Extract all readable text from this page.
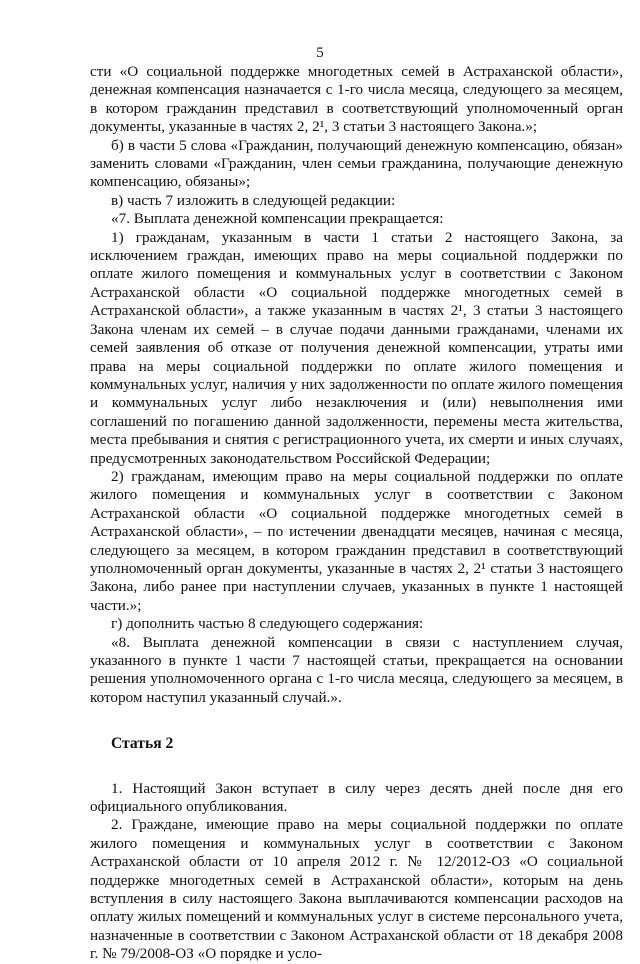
5

сти «О социальной поддержке многодетных семей в Астраханской области», денежная компенсация назначается с 1-го числа месяца, следующего за месяцем, в котором гражданин представил в соответствующий уполномоченный орган документы, указанные в частях 2, 2¹, 3 статьи 3 настоящего Закона.»;

б) в части 5 слова «Гражданин, получающий денежную компенсацию, обязан» заменить словами «Гражданин, член семьи гражданина, получающие денежную компенсацию, обязаны»;

в) часть 7 изложить в следующей редакции:

«7. Выплата денежной компенсации прекращается:

1) гражданам, указанным в части 1 статьи 2 настоящего Закона, за исключением граждан, имеющих право на меры социальной поддержки по оплате жилого помещения и коммунальных услуг в соответствии с Законом Астраханской области «О социальной поддержке многодетных семей в Астраханской области», а также указанным в частях 2¹, 3 статьи 3 настоящего Закона членам их семей – в случае подачи данными гражданами, членами их семей заявления об отказе от получения денежной компенсации, утраты ими права на меры социальной поддержки по оплате жилого помещения и коммунальных услуг, наличия у них задолженности по оплате жилого помещения и коммунальных услуг либо незаключения и (или) невыполнения ими соглашений по погашению данной задолженности, перемены места жительства, места пребывания и снятия с регистрационного учета, их смерти и иных случаях, предусмотренных законодательством Российской Федерации;

2) гражданам, имеющим право на меры социальной поддержки по оплате жилого помещения и коммунальных услуг в соответствии с Законом Астраханской области «О социальной поддержке многодетных семей в Астраханской области», – по истечении двенадцати месяцев, начиная с месяца, следующего за месяцем, в котором гражданин представил в соответствующий уполномоченный орган документы, указанные в частях 2, 2¹ статьи 3 настоящего Закона, либо ранее при наступлении случаев, указанных в пункте 1 настоящей части.»;

г) дополнить частью 8 следующего содержания:

«8. Выплата денежной компенсации в связи с наступлением случая, указанного в пункте 1 части 7 настоящей статьи, прекращается на основании решения уполномоченного органа с 1-го числа месяца, следующего за месяцем, в котором наступил указанный случай.».

Статья 2

1. Настоящий Закон вступает в силу через десять дней после дня его официального опубликования.

2. Граждане, имеющие право на меры социальной поддержки по оплате жилого помещения и коммунальных услуг в соответствии с Законом Астраханской области от 10 апреля 2012 г. № 12/2012-ОЗ «О социальной поддержке многодетных семей в Астраханской области», которым на день вступления в силу настоящего Закона выплачиваются компенсации расходов на оплату жилых помещений и коммунальных услуг в системе персонального учета, назначенные в соответствии с Законом Астраханской области от 18 декабря 2008 г. № 79/2008-ОЗ «О порядке и усло-
